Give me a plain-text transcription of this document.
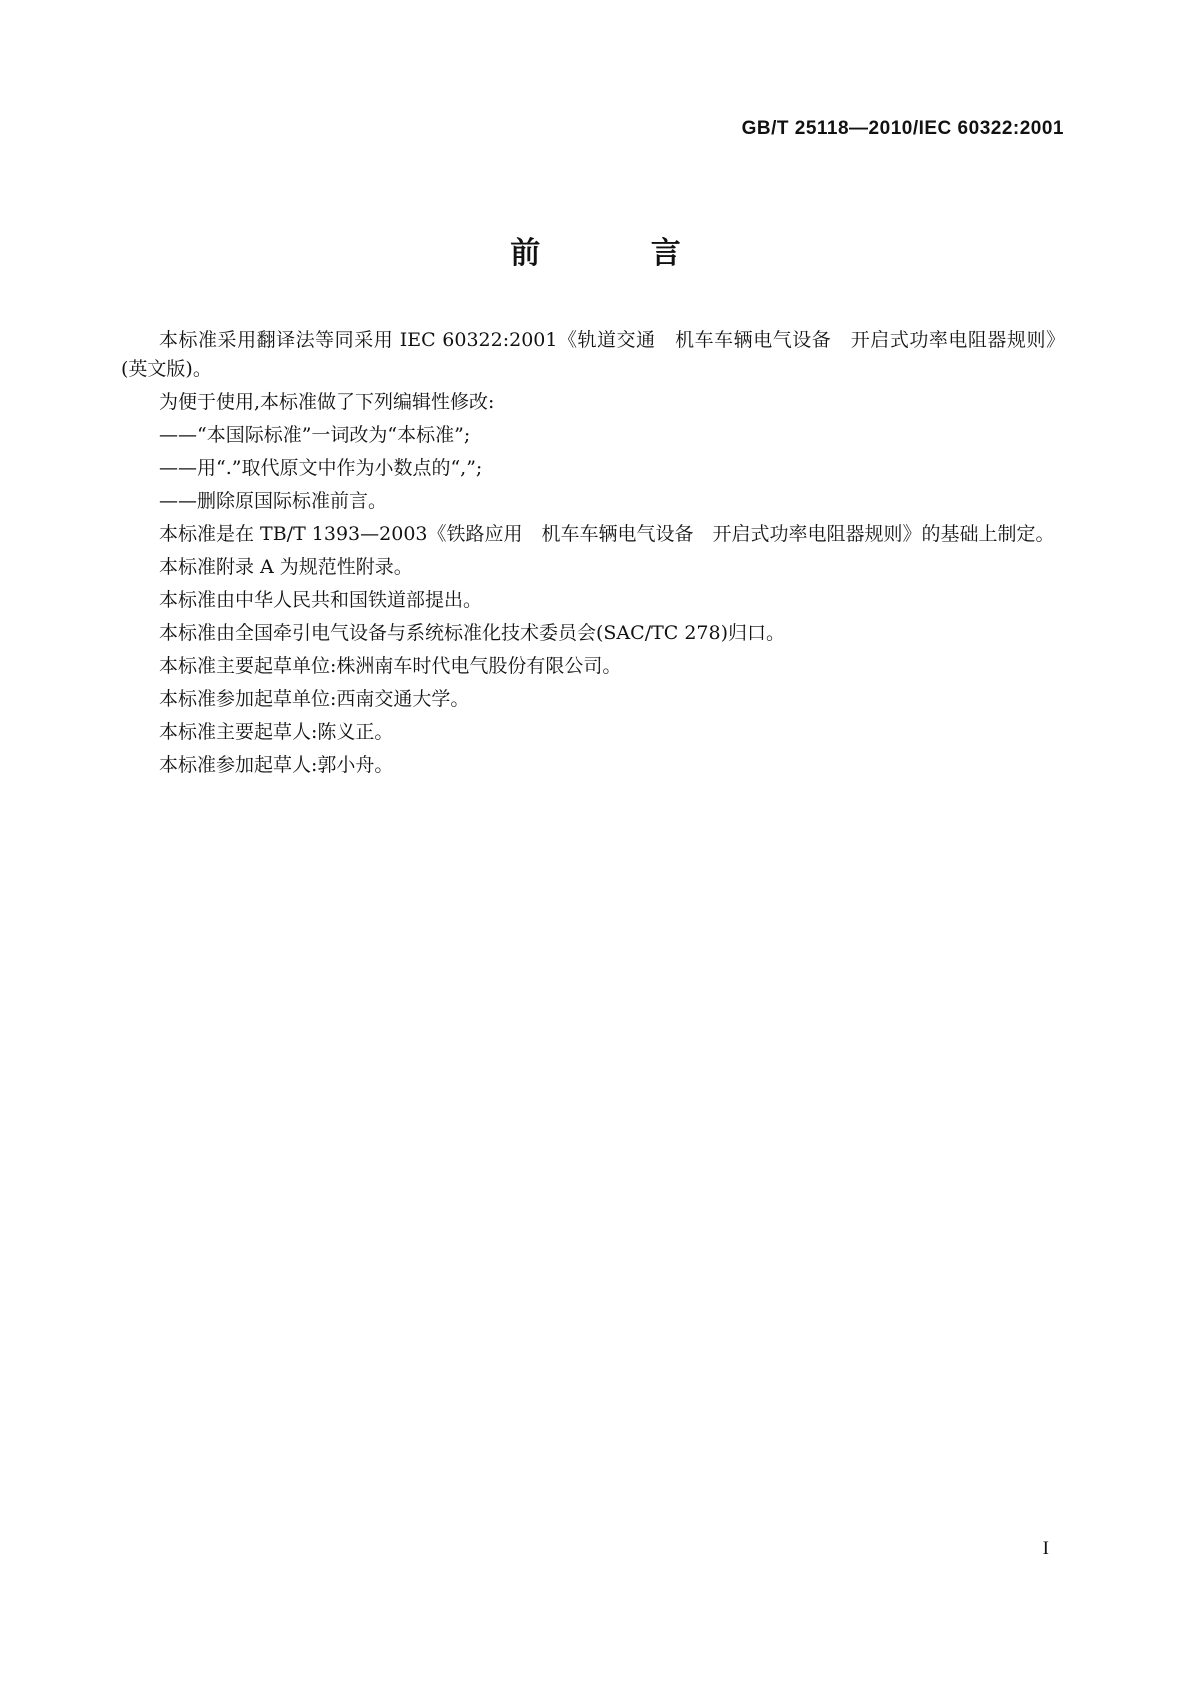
GB/T 25118—2010/IEC 60322:2001
前 言

本标准采用翻译法等同采用 IEC 60322:2001《轨道交通　机车车辆电气设备　开启式功率电阻器规则》(英文版)。

为便于使用,本标准做了下列编辑性修改:

——“本国际标准”一词改为“本标准”;

——用“.”取代原文中作为小数点的“,”;

——删除原国际标准前言。

本标准是在 TB/T 1393—2003《铁路应用　机车车辆电气设备　开启式功率电阻器规则》的基础上制定。

本标准附录 A 为规范性附录。

本标准由中华人民共和国铁道部提出。

本标准由全国牵引电气设备与系统标准化技术委员会(SAC/TC 278)归口。

本标准主要起草单位:株洲南车时代电气股份有限公司。

本标准参加起草单位:西南交通大学。

本标准主要起草人:陈义正。

本标准参加起草人:郭小舟。

I
